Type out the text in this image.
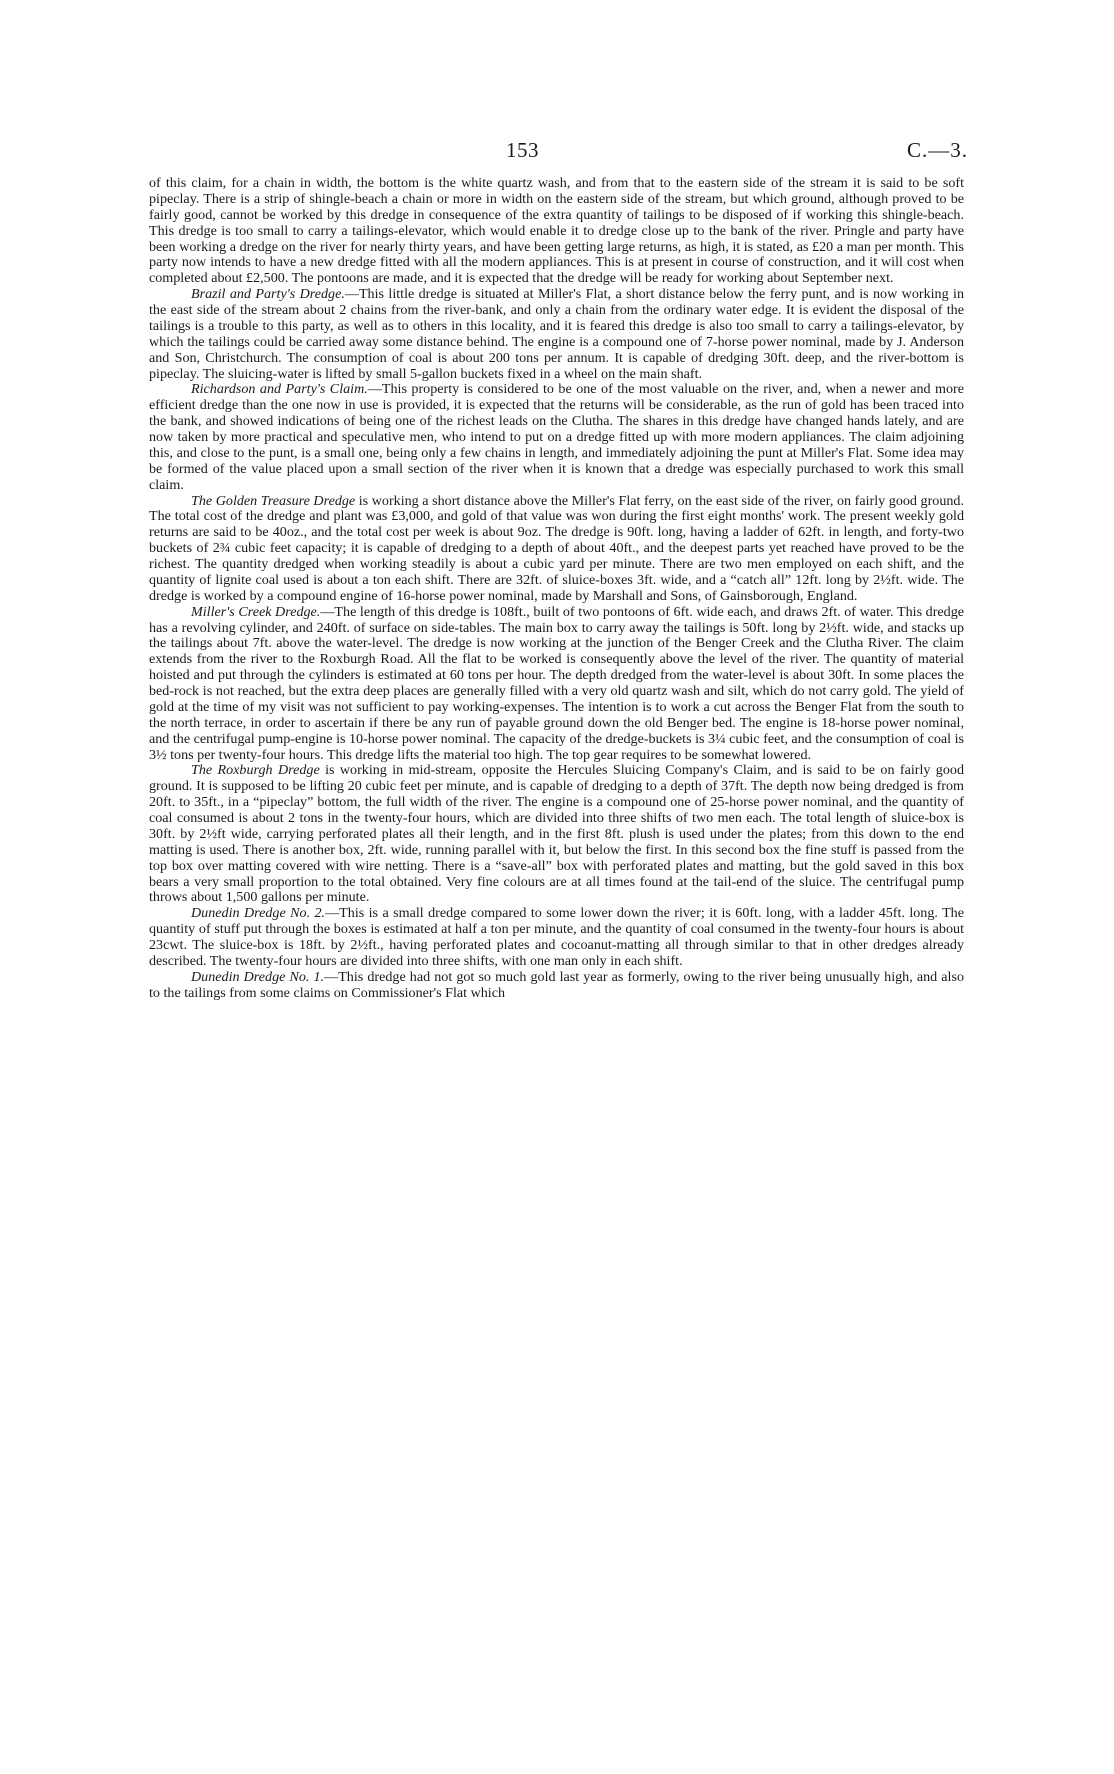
153	C.—3.

of this claim, for a chain in width, the bottom is the white quartz wash, and from that to the eastern side of the stream it is said to be soft pipeclay. There is a strip of shingle-beach a chain or more in width on the eastern side of the stream, but which ground, although proved to be fairly good, cannot be worked by this dredge in consequence of the extra quantity of tailings to be disposed of if working this shingle-beach. This dredge is too small to carry a tailings-elevator, which would enable it to dredge close up to the bank of the river. Pringle and party have been working a dredge on the river for nearly thirty years, and have been getting large returns, as high, it is stated, as £20 a man per month. This party now intends to have a new dredge fitted with all the modern appliances. This is at present in course of construction, and it will cost when completed about £2,500. The pontoons are made, and it is expected that the dredge will be ready for working about September next.

Brazil and Party's Dredge.—This little dredge is situated at Miller's Flat, a short distance below the ferry punt, and is now working in the east side of the stream about 2 chains from the river-bank, and only a chain from the ordinary water edge. It is evident the disposal of the tailings is a trouble to this party, as well as to others in this locality, and it is feared this dredge is also too small to carry a tailings-elevator, by which the tailings could be carried away some distance behind. The engine is a compound one of 7-horse power nominal, made by J. Anderson and Son, Christchurch. The consumption of coal is about 200 tons per annum. It is capable of dredging 30ft. deep, and the river-bottom is pipeclay. The sluicing-water is lifted by small 5-gallon buckets fixed in a wheel on the main shaft.

Richardson and Party's Claim.—This property is considered to be one of the most valuable on the river, and, when a newer and more efficient dredge than the one now in use is provided, it is expected that the returns will be considerable, as the run of gold has been traced into the bank, and showed indications of being one of the richest leads on the Clutha. The shares in this dredge have changed hands lately, and are now taken by more practical and speculative men, who intend to put on a dredge fitted up with more modern appliances. The claim adjoining this, and close to the punt, is a small one, being only a few chains in length, and immediately adjoining the punt at Miller's Flat. Some idea may be formed of the value placed upon a small section of the river when it is known that a dredge was especially purchased to work this small claim.

The Golden Treasure Dredge is working a short distance above the Miller's Flat ferry, on the east side of the river, on fairly good ground. The total cost of the dredge and plant was £3,000, and gold of that value was won during the first eight months' work. The present weekly gold returns are said to be 40oz., and the total cost per week is about 9oz. The dredge is 90ft. long, having a ladder of 62ft. in length, and forty-two buckets of 2¾ cubic feet capacity; it is capable of dredging to a depth of about 40ft., and the deepest parts yet reached have proved to be the richest. The quantity dredged when working steadily is about a cubic yard per minute. There are two men employed on each shift, and the quantity of lignite coal used is about a ton each shift. There are 32ft. of sluice-boxes 3ft. wide, and a “catch all” 12ft. long by 2½ft. wide. The dredge is worked by a compound engine of 16-horse power nominal, made by Marshall and Sons, of Gainsborough, England.

Miller's Creek Dredge.—The length of this dredge is 108ft., built of two pontoons of 6ft. wide each, and draws 2ft. of water. This dredge has a revolving cylinder, and 240ft. of surface on side-tables. The main box to carry away the tailings is 50ft. long by 2½ft. wide, and stacks up the tailings about 7ft. above the water-level. The dredge is now working at the junction of the Benger Creek and the Clutha River. The claim extends from the river to the Roxburgh Road. All the flat to be worked is consequently above the level of the river. The quantity of material hoisted and put through the cylinders is estimated at 60 tons per hour. The depth dredged from the water-level is about 30ft. In some places the bed-rock is not reached, but the extra deep places are generally filled with a very old quartz wash and silt, which do not carry gold. The yield of gold at the time of my visit was not sufficient to pay working-expenses. The intention is to work a cut across the Benger Flat from the south to the north terrace, in order to ascertain if there be any run of payable ground down the old Benger bed. The engine is 18-horse power nominal, and the centrifugal pump-engine is 10-horse power nominal. The capacity of the dredge-buckets is 3¼ cubic feet, and the consumption of coal is 3½ tons per twenty-four hours. This dredge lifts the material too high. The top gear requires to be somewhat lowered.

The Roxburgh Dredge is working in mid-stream, opposite the Hercules Sluicing Company's Claim, and is said to be on fairly good ground. It is supposed to be lifting 20 cubic feet per minute, and is capable of dredging to a depth of 37ft. The depth now being dredged is from 20ft. to 35ft., in a “pipeclay” bottom, the full width of the river. The engine is a compound one of 25-horse power nominal, and the quantity of coal consumed is about 2 tons in the twenty-four hours, which are divided into three shifts of two men each. The total length of sluice-box is 30ft. by 2½ft wide, carrying perforated plates all their length, and in the first 8ft. plush is used under the plates; from this down to the end matting is used. There is another box, 2ft. wide, running parallel with it, but below the first. In this second box the fine stuff is passed from the top box over matting covered with wire netting. There is a “save-all” box with perforated plates and matting, but the gold saved in this box bears a very small proportion to the total obtained. Very fine colours are at all times found at the tail-end of the sluice. The centrifugal pump throws about 1,500 gallons per minute.

Dunedin Dredge No. 2.—This is a small dredge compared to some lower down the river; it is 60ft. long, with a ladder 45ft. long. The quantity of stuff put through the boxes is estimated at half a ton per minute, and the quantity of coal consumed in the twenty-four hours is about 23cwt. The sluice-box is 18ft. by 2½ft., having perforated plates and cocoanut-matting all through similar to that in other dredges already described. The twenty-four hours are divided into three shifts, with one man only in each shift.

Dunedin Dredge No. 1.—This dredge had not got so much gold last year as formerly, owing to the river being unusually high, and also to the tailings from some claims on Commissioner's Flat which
